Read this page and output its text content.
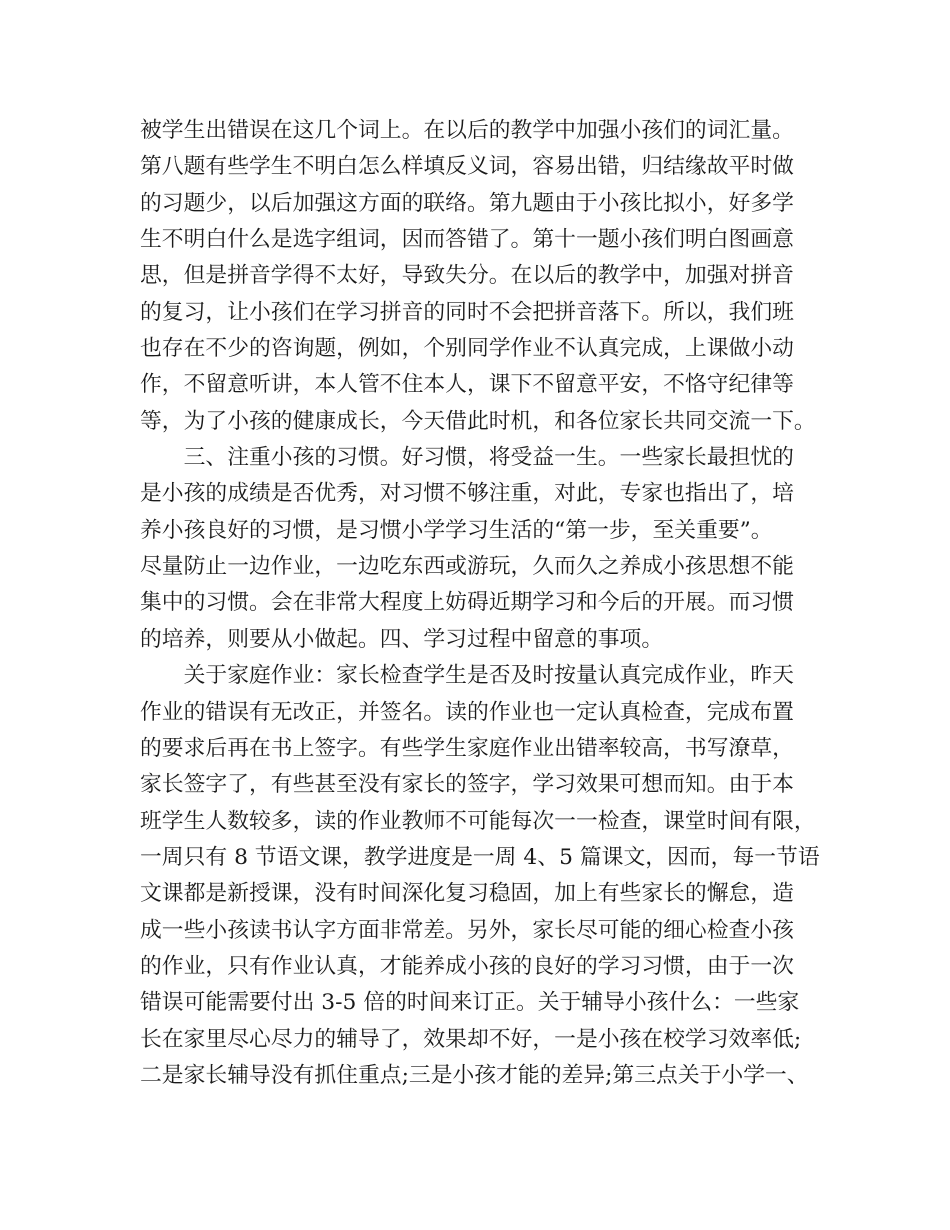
被学生出错误在这几个词上。在以后的教学中加强小孩们的词汇量。
第八题有些学生不明白怎么样填反义词，容易出错，归结缘故平时做
的习题少，以后加强这方面的联络。第九题由于小孩比拟小，好多学
生不明白什么是选字组词，因而答错了。第十一题小孩们明白图画意
思，但是拼音学得不太好，导致失分。在以后的教学中，加强对拼音
的复习，让小孩们在学习拼音的同时不会把拼音落下。所以，我们班
也存在不少的咨询题，例如，个别同学作业不认真完成，上课做小动
作，不留意听讲，本人管不住本人，课下不留意平安，不恪守纪律等
等，为了小孩的健康成长，今天借此时机，和各位家长共同交流一下。
　　三、注重小孩的习惯。好习惯，将受益一生。一些家长最担忧的
是小孩的成绩是否优秀，对习惯不够注重，对此，专家也指出了，培
养小孩良好的习惯，是习惯小学学习生活的“第一步，至关重要”。
尽量防止一边作业，一边吃东西或游玩，久而久之养成小孩思想不能
集中的习惯。会在非常大程度上妨碍近期学习和今后的开展。而习惯
的培养，则要从小做起。四、学习过程中留意的事项。
　　关于家庭作业：家长检查学生是否及时按量认真完成作业，昨天
作业的错误有无改正，并签名。读的作业也一定认真检查，完成布置
的要求后再在书上签字。有些学生家庭作业出错率较高，书写潦草，
家长签字了，有些甚至没有家长的签字，学习效果可想而知。由于本
班学生人数较多，读的作业教师不可能每次一一检查，课堂时间有限，
一周只有 8 节语文课，教学进度是一周 4、5 篇课文，因而，每一节语
文课都是新授课，没有时间深化复习稳固，加上有些家长的懈怠，造
成一些小孩读书认字方面非常差。另外，家长尽可能的细心检查小孩
的作业，只有作业认真，才能养成小孩的良好的学习习惯，由于一次
错误可能需要付出 3-5 倍的时间来订正。关于辅导小孩什么：一些家
长在家里尽心尽力的辅导了，效果却不好，一是小孩在校学习效率低;
二是家长辅导没有抓住重点;三是小孩才能的差异;第三点关于小学一、
